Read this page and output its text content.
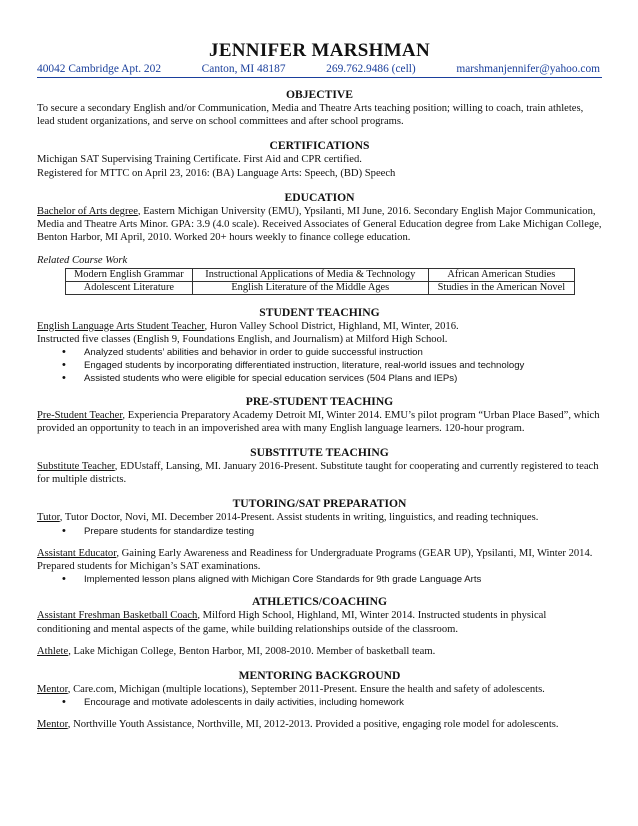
JENNIFER MARSHMAN
40042 Cambridge Apt. 202	Canton, MI 48187	269.762.9486 (cell)	marshmanjennifer@yahoo.com
OBJECTIVE

To secure a secondary English and/or Communication, Media and Theatre Arts teaching position; willing to coach, train athletes, lead student organizations, and serve on school committees and after school programs.

CERTIFICATIONS

Michigan SAT Supervising Training Certificate. First Aid and CPR certified.

Registered for MTTC on April 23, 2016: (BA) Language Arts: Speech, (BD) Speech

EDUCATION

Bachelor of Arts degree, Eastern Michigan University (EMU), Ypsilanti, MI June, 2016. Secondary English Major Communication, Media and Theatre Arts Minor. GPA: 3.9 (4.0 scale). Received Associates of General Education degree from Lake Michigan College, Benton Harbor, MI April, 2010. Worked 20+ hours weekly to finance college education.

Related Course Work

Modern English Grammar	Instructional Applications of Media & Technology	African American Studies
Adolescent Literature	English Literature of the Middle Ages	Studies in the American Novel
STUDENT TEACHING

English Language Arts Student Teacher, Huron Valley School District, Highland, MI, Winter, 2016.

Instructed five classes (English 9, Foundations English, and Journalism) at Milford High School.

• Analyzed students’ abilities and behavior in order to guide successful instruction
• Engaged students by incorporating differentiated instruction, literature, real-world issues and technology
• Assisted students who were eligible for special education services (504 Plans and IEPs)
PRE-STUDENT TEACHING

Pre-Student Teacher, Experiencia Preparatory Academy Detroit MI, Winter 2014. EMU’s pilot program “Urban Place Based”, which provided an opportunity to teach in an impoverished area with many English language learners. 120-hour program.

SUBSTITUTE TEACHING

Substitute Teacher, EDUstaff, Lansing, MI. January 2016-Present. Substitute taught for cooperating and currently registered to teach for multiple districts.

TUTORING/SAT PREPARATION

Tutor, Tutor Doctor, Novi, MI. December 2014-Present. Assist students in writing, linguistics, and reading techniques.

• Prepare students for standardize testing

Assistant Educator, Gaining Early Awareness and Readiness for Undergraduate Programs (GEAR UP), Ypsilanti, MI, Winter 2014. Prepared students for Michigan’s SAT examinations.

• Implemented lesson plans aligned with Michigan Core Standards for 9th grade Language Arts
ATHLETICS/COACHING

Assistant Freshman Basketball Coach, Milford High School, Highland, MI, Winter 2014. Instructed students in physical conditioning and mental aspects of the game, while building relationships outside of the classroom.

Athlete, Lake Michigan College, Benton Harbor, MI, 2008-2010. Member of basketball team.

MENTORING BACKGROUND

Mentor, Care.com, Michigan (multiple locations), September 2011-Present. Ensure the health and safety of adolescents.

• Encourage and motivate adolescents in daily activities, including homework

Mentor, Northville Youth Assistance, Northville, MI, 2012-2013. Provided a positive, engaging role model for adolescents.
